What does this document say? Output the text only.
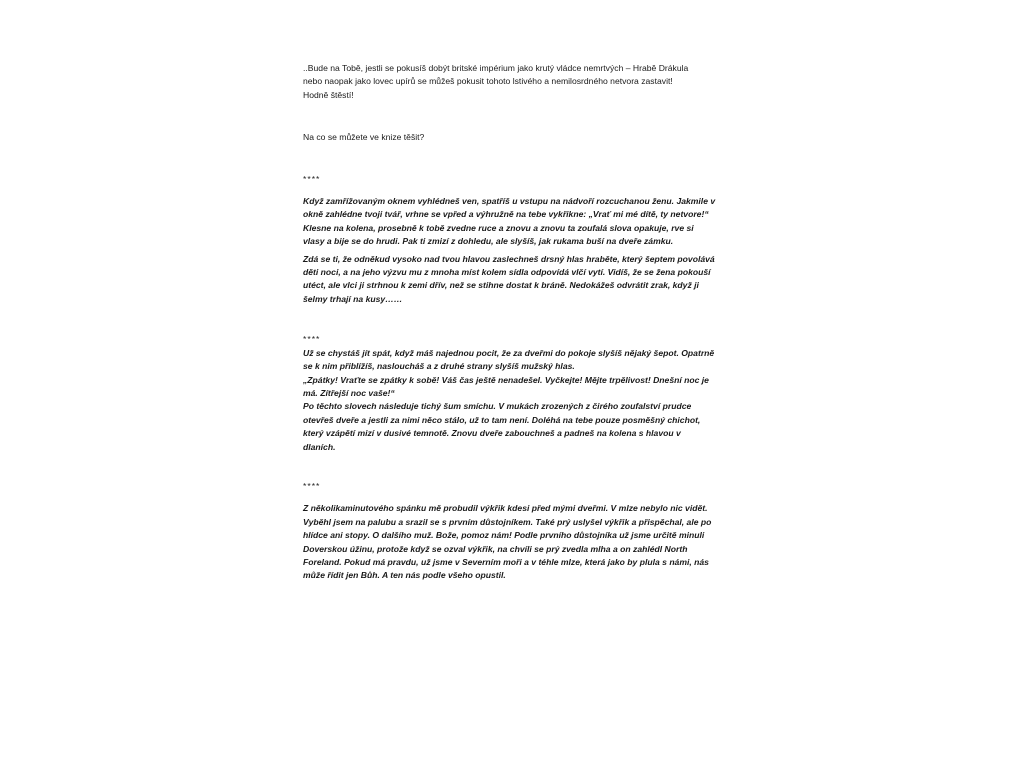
..Bude na Tobě, jestli se pokusíš dobýt britské impérium jako krutý vládce nemrtvých – Hrabě Drákula
nebo naopak jako lovec upírů se můžeš pokusit tohoto lstivého a nemilosrdného netvora zastavit!
Hodně štěstí!

Na co se můžete ve knize těšit?

****

Když zamřížovaným oknem vyhlédneš ven, spatříš u vstupu na nádvoří rozcuchanou ženu. Jakmile v
okně zahlédne tvoji tvář, vrhne se vpřed a výhružně na tebe vykřikne: „Vrať mi mé dítě, ty netvore!“
Klesne na kolena, prosebně k tobě zvedne ruce a znovu a znovu ta zoufalá slova opakuje, rve si
vlasy a bije se do hrudi. Pak ti zmizí z dohledu, ale slyšíš, jak rukama buší na dveře zámku.

Zdá se ti, že odněkud vysoko nad tvou hlavou zaslechneš drsný hlas hraběte, který šeptem povolává
děti noci, a na jeho výzvu mu z mnoha míst kolem sídla odpovídá vlčí vytí. Vidíš, že se žena pokouší
utéct, ale vlci ji strhnou k zemi dřív, než se stihne dostat k bráně. Nedokážeš odvrátit zrak, když ji
šelmy trhají na kusy……

****

Už se chystáš jít spát, když máš najednou pocit, že za dveřmi do pokoje slyšíš nějaký šepot. Opatrně
se k nim přiblížíš, nasloucháš a z druhé strany slyšíš mužský hlas.
„Zpátky! Vraťte se zpátky k sobě! Váš čas ještě nenadešel. Vyčkejte! Mějte trpělivost! Dnešní noc je
má. Zítřejší noc vaše!“
Po těchto slovech následuje tichý šum smíchu. V mukách zrozených z čirého zoufalství prudce
otevřeš dveře a jestli za nimi něco stálo, už to tam není. Doléhá na tebe pouze posměšný chichot,
který vzápětí mizí v dusivé temnotě. Znovu dveře zabouchneš a padneš na kolena s hlavou v
dlaních.

****

Z několikaminutového spánku mě probudil výkřik kdesi před mými dveřmi. V mlze nebylo nic vidět.
Vyběhl jsem na palubu a srazil se s prvním důstojníkem. Také prý uslyšel výkřik a přispěchal, ale po
hlídce ani stopy. O dalšího muž. Bože, pomoz nám! Podle prvního důstojníka už jsme určitě minuli
Doverskou úžinu, protože když se ozval výkřik, na chvíli se prý zvedla mlha a on zahlédl North
Foreland. Pokud má pravdu, už jsme v Severním moři a v téhle mlze, která jako by plula s námi, nás
může řídit jen Bůh. A ten nás podle všeho opustil.
